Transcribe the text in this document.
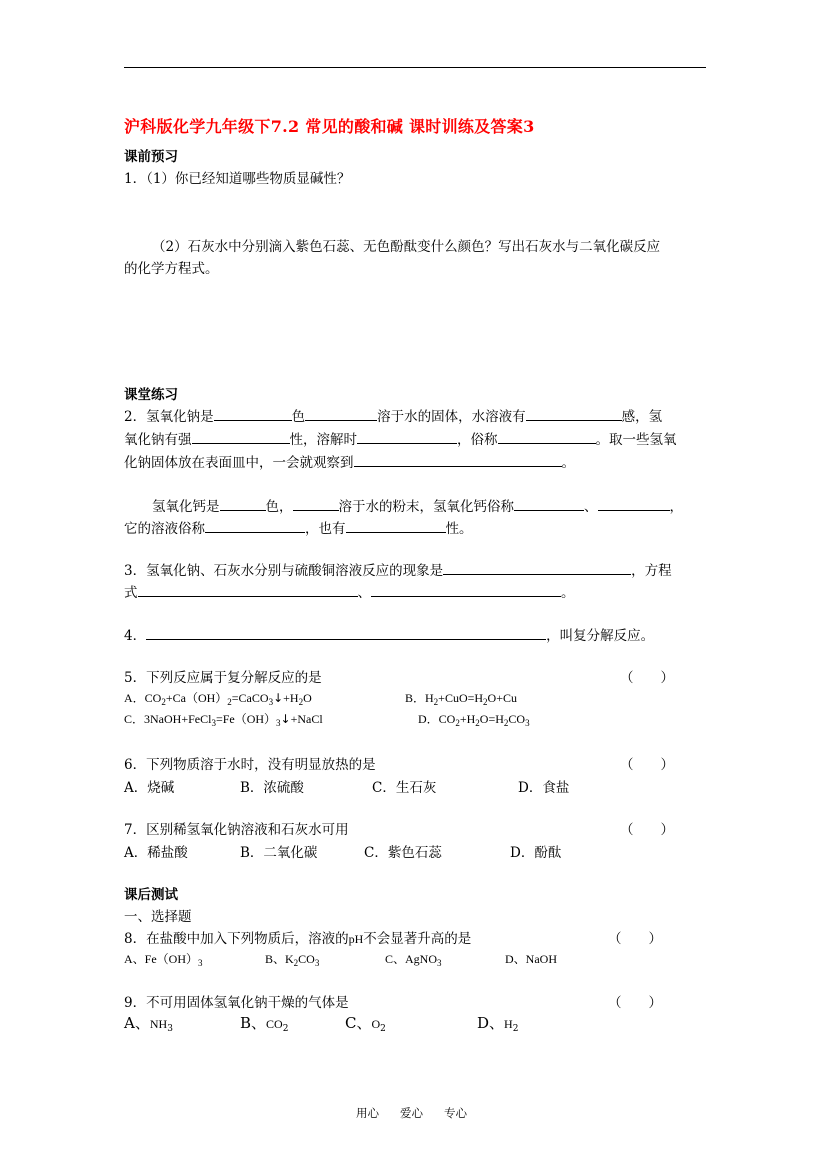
沪科版化学九年级下7.2 常见的酸和碱 课时训练及答案3
课前预习
1．（1）你已经知道哪些物质显碱性？
（2）石灰水中分别滴入紫色石蕊、无色酚酞变什么颜色？写出石灰水与二氧化碳反应
的化学方程式。
课堂练习
2．氢氧化钠是	色	溶于水的固体，水溶液有	感，氢
氧化钠有强	性，溶解时	，俗称	。取一些氢氧
化钠固体放在表面皿中，一会就观察到	。
氢氧化钙是	色，	溶于水的粉末，氢氧化钙俗称	、	，
它的溶液俗称	，也有	性。
3．氢氧化钠、石灰水分别与硫酸铜溶液反应的现象是	，方程
式	、	。
4．	，叫复分解反应。
5．下列反应属于复分解反应的是	（　　）
A．$CO_2+Ca(OH)_2=CaCO_3↓+H_2O$	B．$H_2+CuO=H_2O+Cu$
C．$3NaOH+FeCl_3=Fe(OH)_3↓+NaCl$	D．$CO_2+H_2O=H_2CO_3$
6．下列物质溶于水时，没有明显放热的是	（　　）
A．烧碱	B．浓硫酸	C．生石灰	D．食盐
7．区别稀氢氧化钠溶液和石灰水可用	（　　）
A．稀盐酸	B．二氧化碳	C．紫色石蕊	D．酚酞
课后测试
一、选择题
8．在盐酸中加入下列物质后，溶液的pH不会显著升高的是	（　　）
A、$Fe(OH)_3$	B、$K_2CO_3$	C、AgNO$_3$	D、NaOH
9．不可用固体氢氧化钠干燥的气体是	（　　）
A、$NH_3$	B、$CO_2$	C、$O_2$	D、$H_2$
用心 爱心 专心
